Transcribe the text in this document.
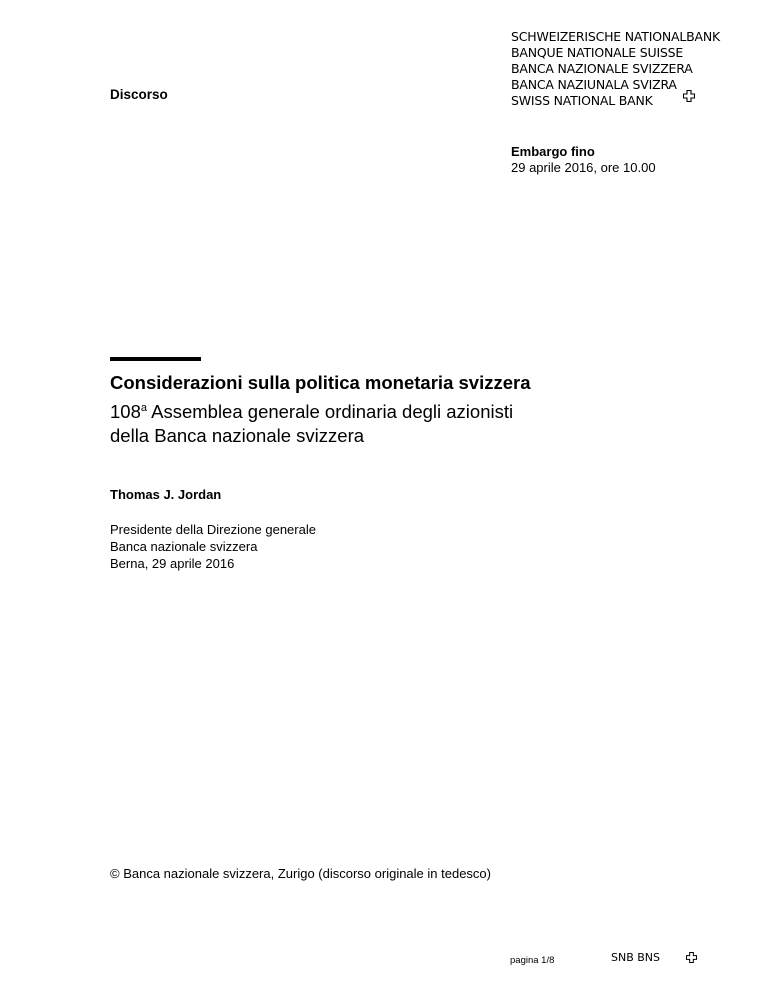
Discorso
SCHWEIZERISCHE NATIONALBANK
BANQUE NATIONALE SUISSE
BANCA NAZIONALE SVIZZERA
BANCA NAZIUNALA SVIZRA
SWISS NATIONAL BANK
Embargo fino
29 aprile 2016, ore 10.00
Considerazioni sulla politica monetaria svizzera
108$^a$ Assemblea generale ordinaria degli azionisti
della Banca nazionale svizzera
Thomas J. Jordan
Presidente della Direzione generale
Banca nazionale svizzera
Berna, 29 aprile 2016
© Banca nazionale svizzera, Zurigo (discorso originale in tedesco)
pagina 1/8	SNB BNS
